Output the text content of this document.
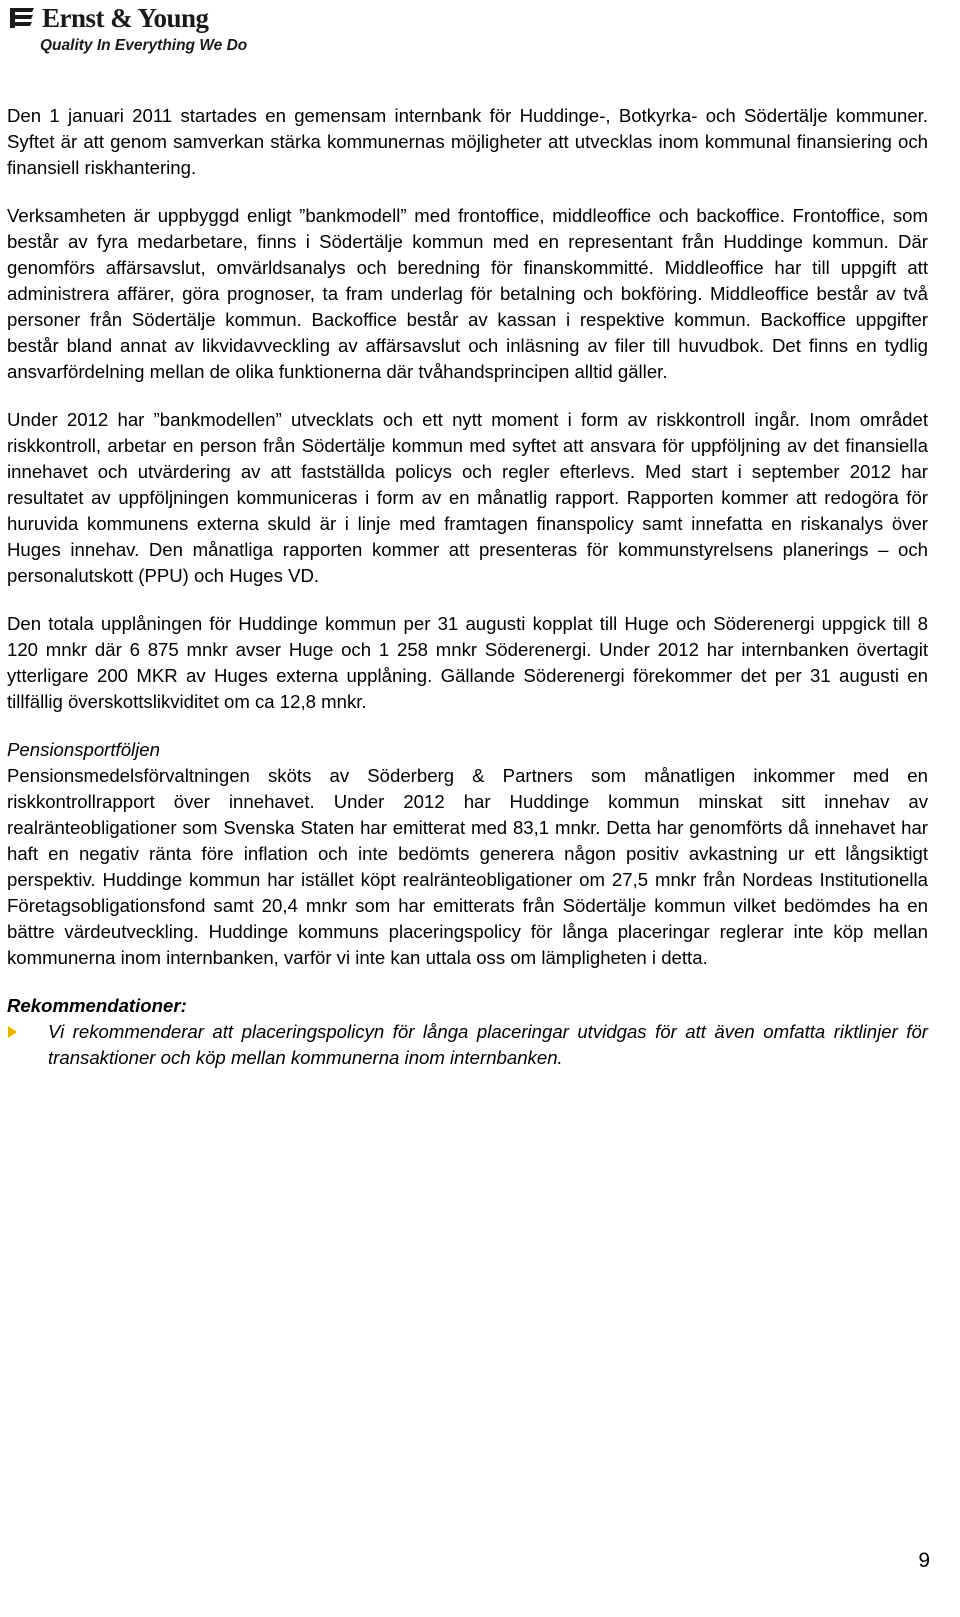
Ernst & Young
Quality In Everything We Do

Den 1 januari 2011 startades en gemensam internbank för Huddinge-, Botkyrka- och Södertälje kommuner. Syftet är att genom samverkan stärka kommunernas möjligheter att utvecklas inom kommunal finansiering och finansiell riskhantering.

Verksamheten är uppbyggd enligt ”bankmodell” med frontoffice, middleoffice och backoffice. Frontoffice, som består av fyra medarbetare, finns i Södertälje kommun med en representant från Huddinge kommun. Där genomförs affärsavslut, omvärldsanalys och beredning för finanskommitté. Middleoffice har till uppgift att administrera affärer, göra prognoser, ta fram underlag för betalning och bokföring. Middleoffice består av två personer från Södertälje kommun. Backoffice består av kassan i respektive kommun. Backoffice uppgifter består bland annat av likvidavveckling av affärsavslut och inläsning av filer till huvudbok. Det finns en tydlig ansvarfördelning mellan de olika funktionerna där tvåhandsprincipen alltid gäller.

Under 2012 har ”bankmodellen” utvecklats och ett nytt moment i form av riskkontroll ingår. Inom området riskkontroll, arbetar en person från Södertälje kommun med syftet att ansvara för uppföljning av det finansiella innehavet och utvärdering av att fastställda policys och regler efterlevs. Med start i september 2012 har resultatet av uppföljningen kommuniceras i form av en månatlig rapport. Rapporten kommer att redogöra för huruvida kommunens externa skuld är i linje med framtagen finanspolicy samt innefatta en riskanalys över Huges innehav. Den månatliga rapporten kommer att presenteras för kommunstyrelsens planerings – och personalutskott (PPU) och Huges VD.

Den totala upplåningen för Huddinge kommun per 31 augusti kopplat till Huge och Söderenergi uppgick till 8 120 mnkr där 6 875 mnkr avser Huge och 1 258 mnkr Söderenergi. Under 2012 har internbanken övertagit ytterligare 200 MKR av Huges externa upplåning. Gällande Söderenergi förekommer det per 31 augusti en tillfällig överskottslikviditet om ca 12,8 mnkr.

Pensionsportföljen

Pensionsmedelsförvaltningen sköts av Söderberg & Partners som månatligen inkommer med en riskkontrollrapport över innehavet. Under 2012 har Huddinge kommun minskat sitt innehav av realränteobligationer som Svenska Staten har emitterat med 83,1 mnkr. Detta har genomförts då innehavet har haft en negativ ränta före inflation och inte bedömts generera någon positiv avkastning ur ett långsiktigt perspektiv. Huddinge kommun har istället köpt realränteobligationer om 27,5 mnkr från Nordeas Institutionella Företagsobligationsfond samt 20,4 mnkr som har emitterats från Södertälje kommun vilket bedömdes ha en bättre värdeutveckling. Huddinge kommuns placeringspolicy för långa placeringar reglerar inte köp mellan kommunerna inom internbanken, varför vi inte kan uttala oss om lämpligheten i detta.

Rekommendationer:
Vi rekommenderar att placeringspolicyn för långa placeringar utvidgas för att även omfatta riktlinjer för transaktioner och köp mellan kommunerna inom internbanken.
9
